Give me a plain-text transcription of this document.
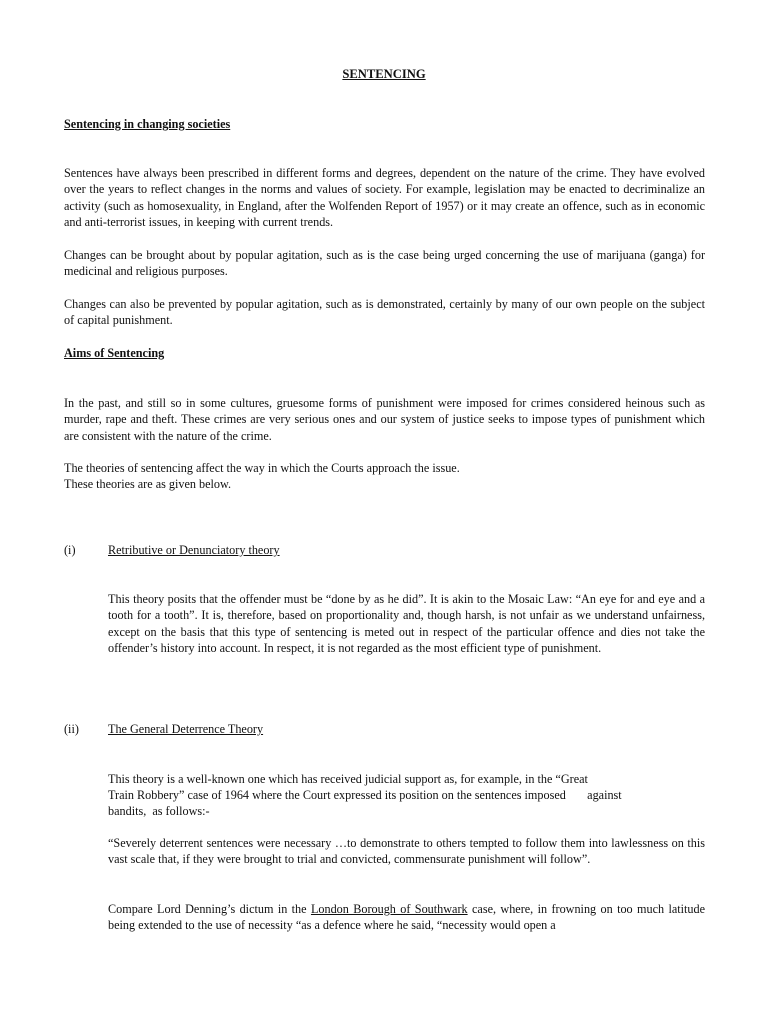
SENTENCING

Sentencing in changing societies

Sentences have always been prescribed in different forms and degrees, dependent on the nature of the crime. They have evolved over the years to reflect changes in the norms and values of society. For example, legislation may be enacted to decriminalize an activity (such as homosexuality, in England, after the Wolfenden Report of 1957) or it may create an offence, such as in economic and anti-terrorist issues, in keeping with current trends.

Changes can be brought about by popular agitation, such as is the case being urged concerning the use of marijuana (ganga) for medicinal and religious purposes.

Changes can also be prevented by popular agitation, such as is demonstrated, certainly by many of our own people on the subject of capital punishment.

Aims of Sentencing

In the past, and still so in some cultures, gruesome forms of punishment were imposed for crimes considered heinous such as murder, rape and theft. These crimes are very serious ones and our system of justice seeks to impose types of punishment which are consistent with the nature of the crime.

The theories of sentencing affect the way in which the Courts approach the issue.

These theories are as given below.

(i)	Retributive or Denunciatory theory

This theory posits that the offender must be “done by as he did”. It is akin to the Mosaic Law: “An eye for and eye and a tooth for a tooth”. It is, therefore, based on proportionality and, though harsh, is not unfair as we understand unfairness, except on the basis that this type of sentencing is meted out in respect of the particular offence and dies not take the offender’s history into account. In respect, it is not regarded as the most efficient type of punishment.

(ii) The General Deterrence Theory

This theory is a well-known one which has received judicial support as, for example, in the “Great

Train Robbery” case of 1964 where the Court expressed its position on the sentences imposed       against

bandits,  as follows:-

“Severely deterrent sentences were necessary …to demonstrate to others tempted to follow them into lawlessness on this vast scale that, if they were brought to trial and convicted, commensurate punishment will follow”.

Compare Lord Denning’s dictum in the London Borough of Southwark case, where, in frowning on too much latitude being extended to the use of necessity “as a defence where he said, “necessity would open a
